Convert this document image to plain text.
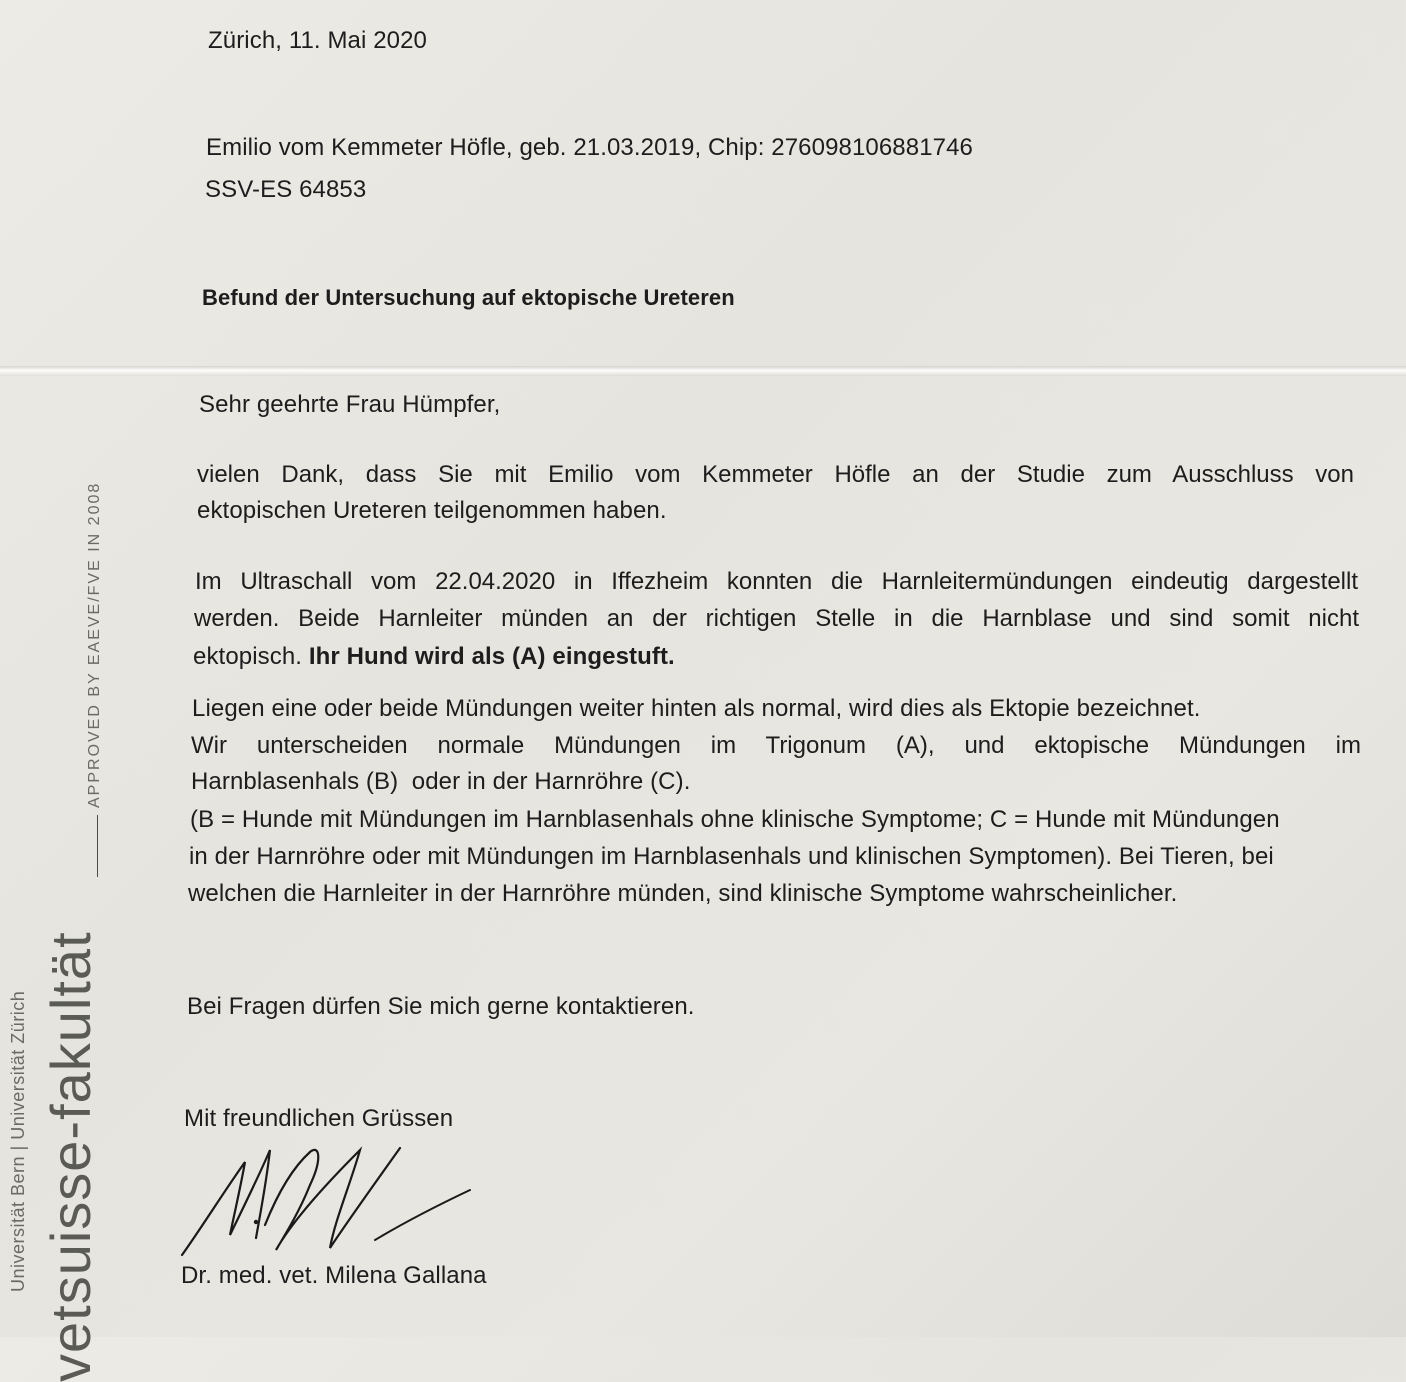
Zürich, 11. Mai 2020
Emilio vom Kemmeter Höfle, geb. 21.03.2019, Chip: 276098106881746
SSV-ES 64853
Befund der Untersuchung auf ektopische Ureteren
Sehr geehrte Frau Hümpfer,
vielen Dank, dass Sie mit Emilio vom Kemmeter Höfle an der Studie zum Ausschluss von
ektopischen Ureteren teilgenommen haben.
Im Ultraschall vom 22.04.2020 in Iffezheim konnten die Harnleitermündungen eindeutig dargestellt
werden. Beide Harnleiter münden an der richtigen Stelle in die Harnblase und sind somit nicht
ektopisch. Ihr Hund wird als (A) eingestuft.
Liegen eine oder beide Mündungen weiter hinten als normal, wird dies als Ektopie bezeichnet.
Wir unterscheiden normale Mündungen im Trigonum (A), und ektopische Mündungen im
Harnblasenhals (B)  oder in der Harnröhre (C).
(B = Hunde mit Mündungen im Harnblasenhals ohne klinische Symptome; C = Hunde mit Mündungen
in der Harnröhre oder mit Mündungen im Harnblasenhals und klinischen Symptomen). Bei Tieren, bei
welchen die Harnleiter in der Harnröhre münden, sind klinische Symptome wahrscheinlicher.
Bei Fragen dürfen Sie mich gerne kontaktieren.
Mit freundlichen Grüssen
Dr. med. vet. Milena Gallana
APPROVED BY EAEVE/FVE IN 2008
Universität Bern | Universität Zürich vetsuisse-fakultät
